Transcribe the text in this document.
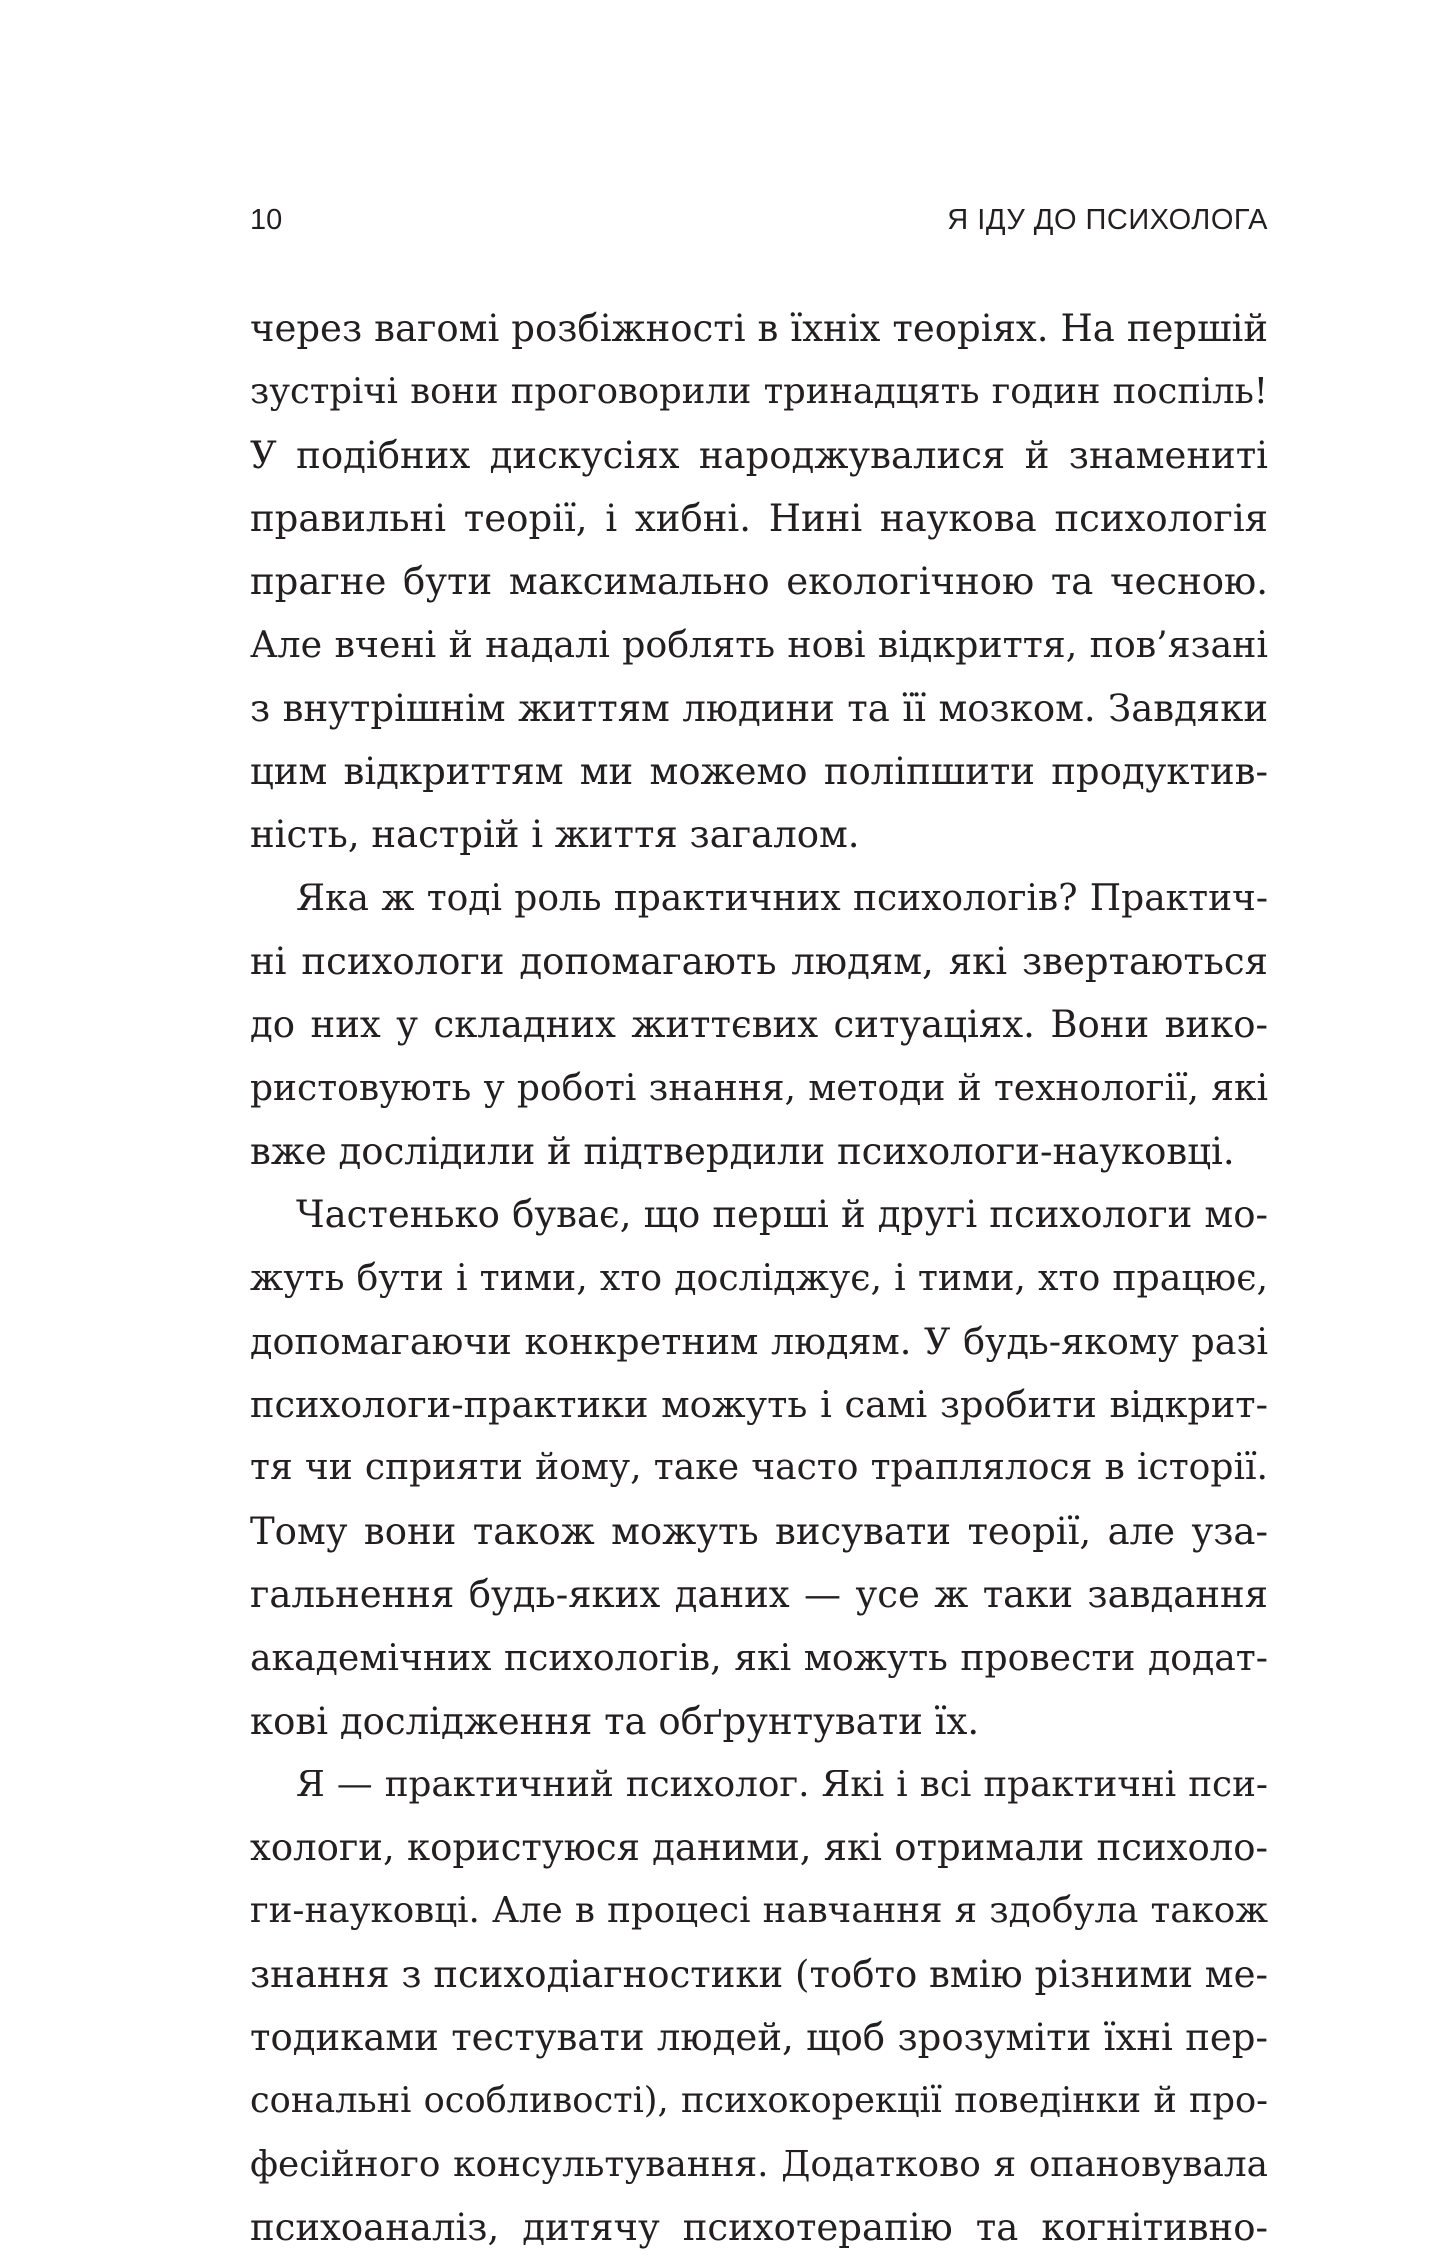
10	Я ІДУ ДО ПСИХОЛОГА
через вагомі розбіжності в їхніх теоріях. На першій
зустрічі вони проговорили тринадцять годин поспіль!
У подібних дискусіях народжувалися й знамениті
правильні теорії, і хибні. Нині наукова психологія
прагне бути максимально екологічною та чесною.
Але вчені й надалі роблять нові відкриття, пов’язані
з внутрішнім життям людини та її мозком. Завдяки
цим відкриттям ми можемо поліпшити продуктив-
ність, настрій і життя загалом.
Яка ж тоді роль практичних психологів? Практич-
ні психологи допомагають людям, які звертаються
до них у складних життєвих ситуаціях. Вони вико-
ристовують у роботі знання, методи й технології, які
вже дослідили й підтвердили психологи-науковці.
Частенько буває, що перші й другі психологи мо-
жуть бути і тими, хто досліджує, і тими, хто працює,
допомагаючи конкретним людям. У будь-якому разі
психологи-практики можуть і самі зробити відкрит-
тя чи сприяти йому, таке часто траплялося в історії.
Тому вони також можуть висувати теорії, але уза-
гальнення будь-яких даних — усе ж таки завдання
академічних психологів, які можуть провести додат-
кові дослідження та обґрунтувати їх.
Я — практичний психолог. Які і всі практичні пси-
хологи, користуюся даними, які отримали психоло-
ги-науковці. Але в процесі навчання я здобула також
знання з психодіагностики (тобто вмію різними ме-
тодиками тестувати людей, щоб зрозуміти їхні пер-
сональні особливості), психокорекції поведінки й про-
фесійного консультування. Додатково я опановувала
психоаналіз, дитячу психотерапію та когнітивно-
